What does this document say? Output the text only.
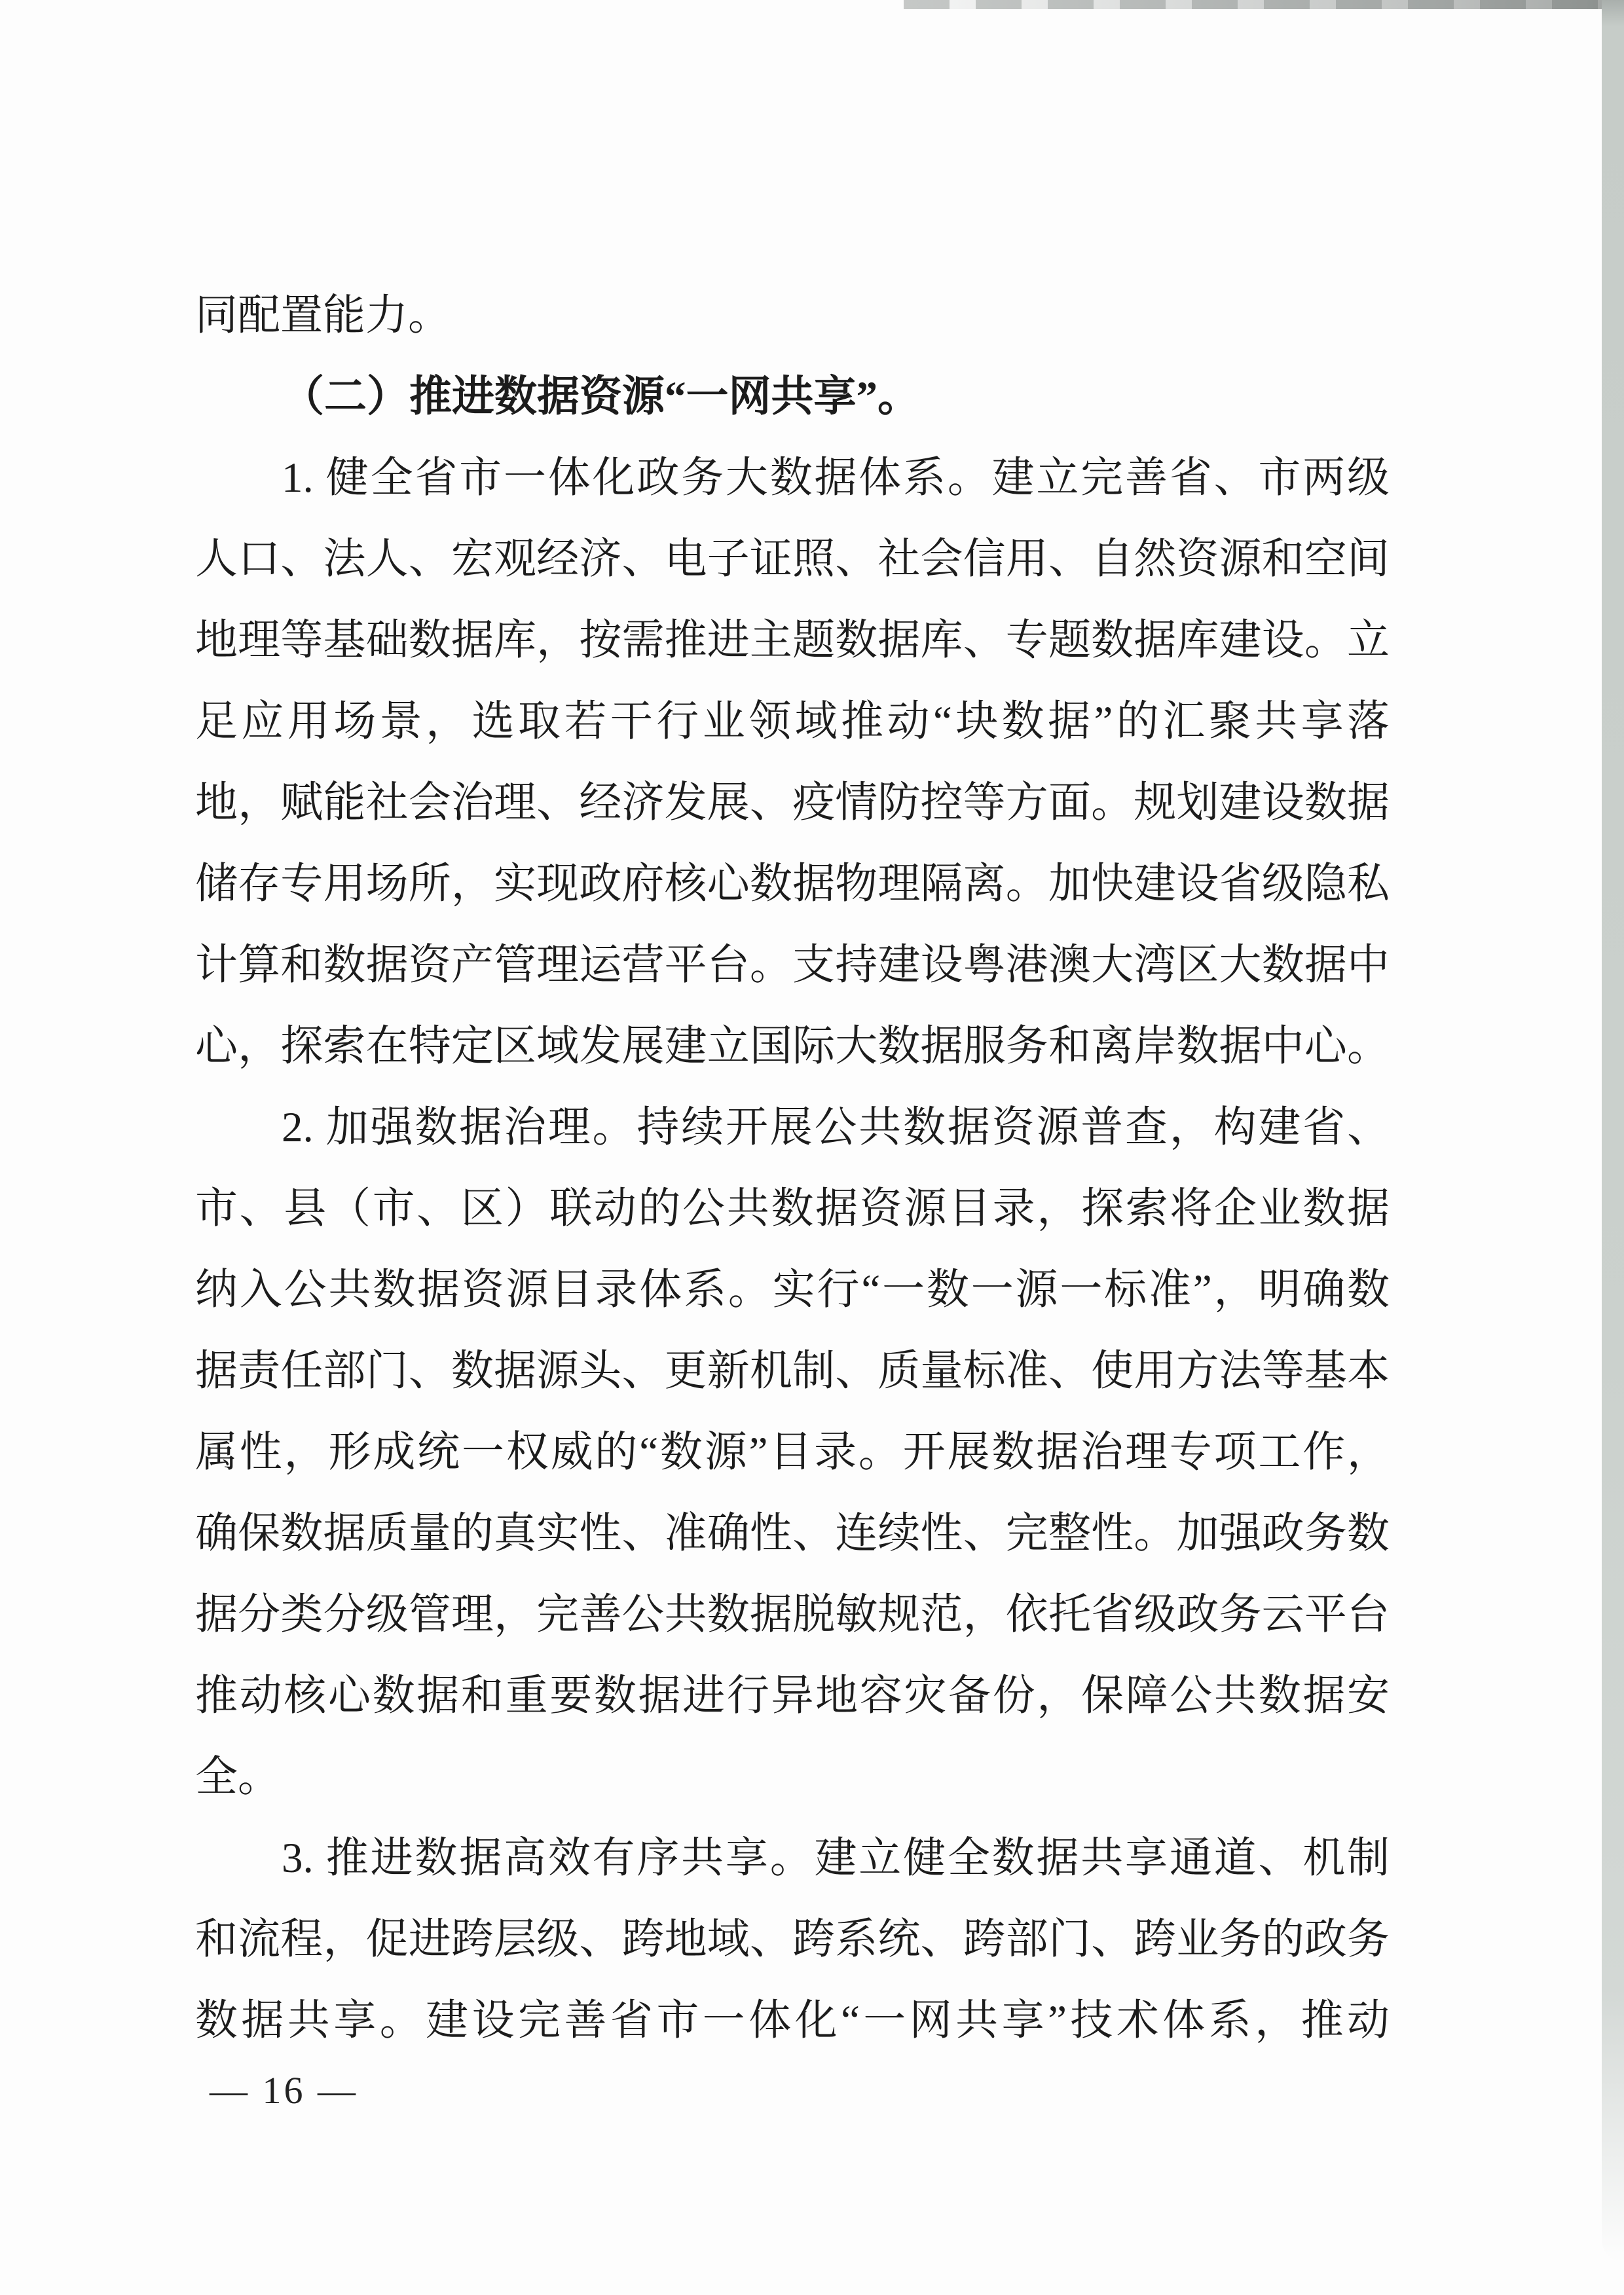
同配置能力。
（二）推进数据资源“一网共享”。
1. 健全省市一体化政务大数据体系。建立完善省、市两级
人口、法人、宏观经济、电子证照、社会信用、自然资源和空间
地理等基础数据库，按需推进主题数据库、专题数据库建设。立
足应用场景，选取若干行业领域推动“块数据”的汇聚共享落
地，赋能社会治理、经济发展、疫情防控等方面。规划建设数据
储存专用场所，实现政府核心数据物理隔离。加快建设省级隐私
计算和数据资产管理运营平台。支持建设粤港澳大湾区大数据中
心，探索在特定区域发展建立国际大数据服务和离岸数据中心。
2. 加强数据治理。持续开展公共数据资源普查，构建省、
市、县（市、区）联动的公共数据资源目录，探索将企业数据
纳入公共数据资源目录体系。实行“一数一源一标准”，明确数
据责任部门、数据源头、更新机制、质量标准、使用方法等基本
属性，形成统一权威的“数源”目录。开展数据治理专项工作，
确保数据质量的真实性、准确性、连续性、完整性。加强政务数
据分类分级管理，完善公共数据脱敏规范，依托省级政务云平台
推动核心数据和重要数据进行异地容灾备份，保障公共数据安
全。
3. 推进数据高效有序共享。建立健全数据共享通道、机制
和流程，促进跨层级、跨地域、跨系统、跨部门、跨业务的政务
数据共享。建设完善省市一体化“一网共享”技术体系，推动
— 16 —
